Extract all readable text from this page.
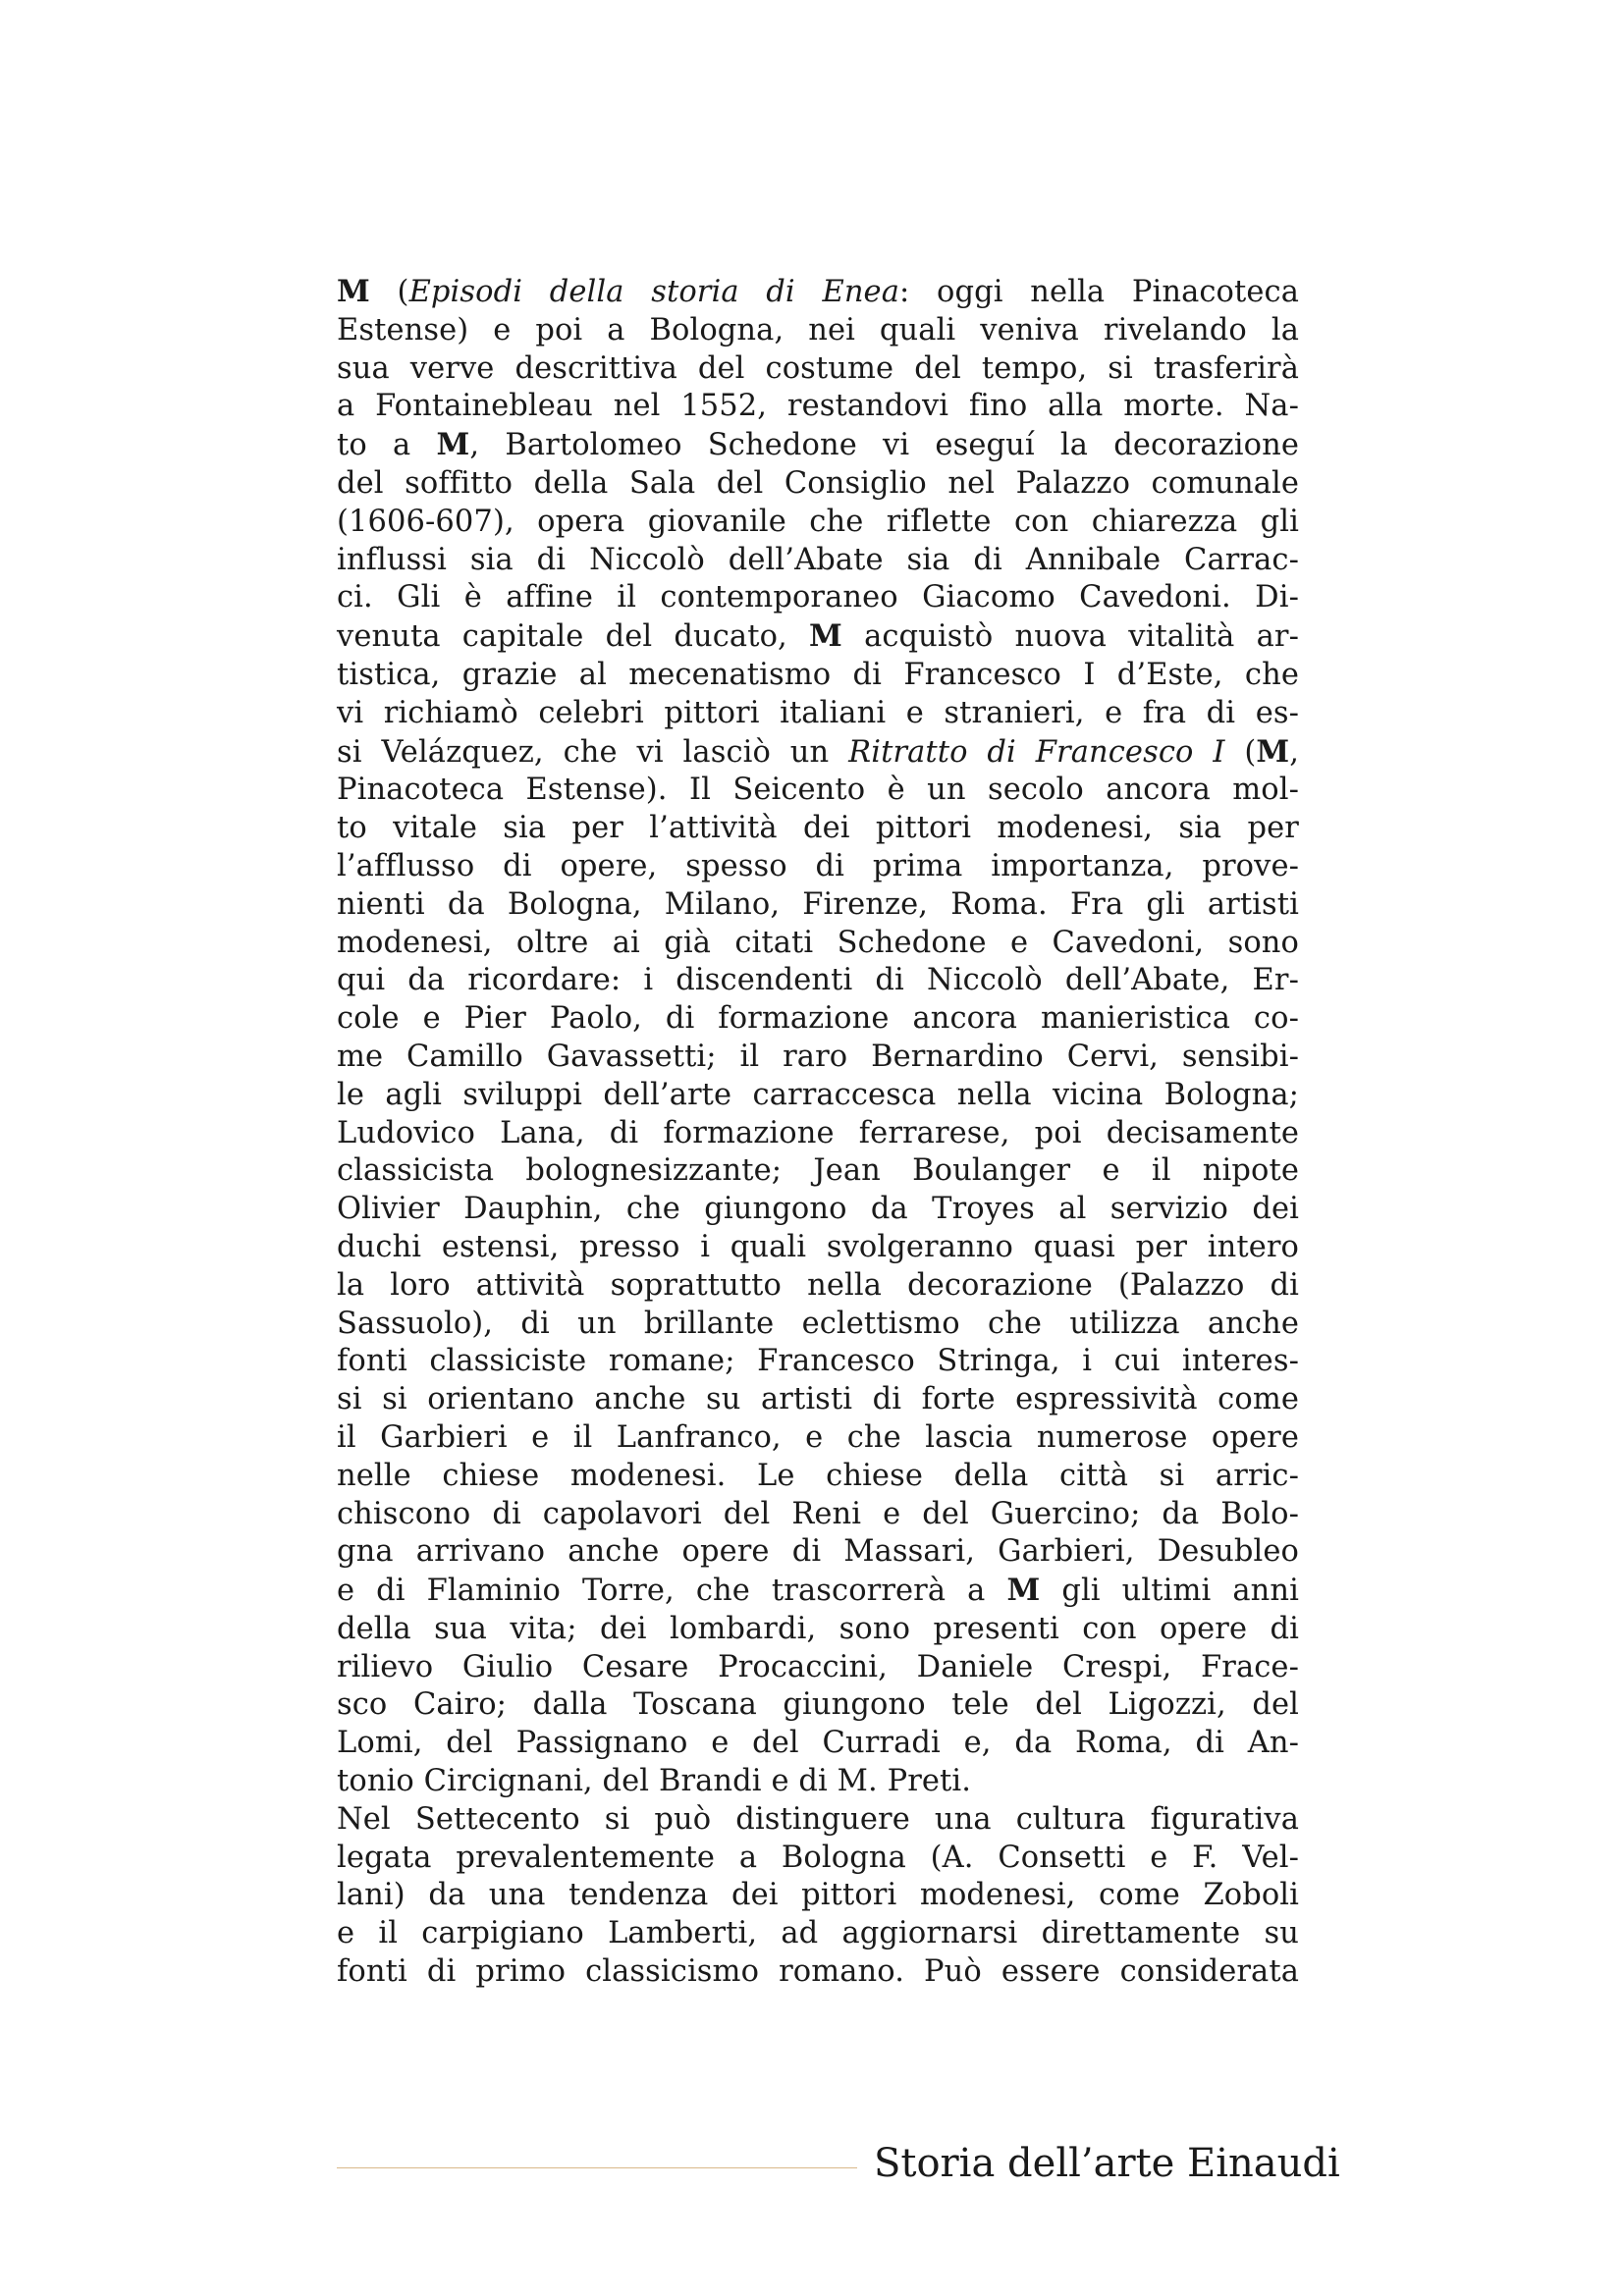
M (Episodi della storia di Enea: oggi nella Pinacoteca
Estense) e poi a Bologna, nei quali veniva rivelando la
sua verve descrittiva del costume del tempo, si trasferirà
a Fontainebleau nel 1552, restandovi fino alla morte. Na-
to a M, Bartolomeo Schedone vi eseguí la decorazione
del soffitto della Sala del Consiglio nel Palazzo comunale
(1606-607), opera giovanile che riflette con chiarezza gli
influssi sia di Niccolò dell’Abate sia di Annibale Carrac-
ci. Gli è affine il contemporaneo Giacomo Cavedoni. Di-
venuta capitale del ducato, M acquistò nuova vitalità ar-
tistica, grazie al mecenatismo di Francesco I d’Este, che
vi richiamò celebri pittori italiani e stranieri, e fra di es-
si Velázquez, che vi lasciò un Ritratto di Francesco I (M,
Pinacoteca Estense). Il Seicento è un secolo ancora mol-
to vitale sia per l’attività dei pittori modenesi, sia per
l’afflusso di opere, spesso di prima importanza, prove-
nienti da Bologna, Milano, Firenze, Roma. Fra gli artisti
modenesi, oltre ai già citati Schedone e Cavedoni, sono
qui da ricordare: i discendenti di Niccolò dell’Abate, Er-
cole e Pier Paolo, di formazione ancora manieristica co-
me Camillo Gavassetti; il raro Bernardino Cervi, sensibi-
le agli sviluppi dell’arte carraccesca nella vicina Bologna;
Ludovico Lana, di formazione ferrarese, poi decisamente
classicista bolognesizzante; Jean Boulanger e il nipote
Olivier Dauphin, che giungono da Troyes al servizio dei
duchi estensi, presso i quali svolgeranno quasi per intero
la loro attività soprattutto nella decorazione (Palazzo di
Sassuolo), di un brillante eclettismo che utilizza anche
fonti classiciste romane; Francesco Stringa, i cui interes-
si si orientano anche su artisti di forte espressività come
il Garbieri e il Lanfranco, e che lascia numerose opere
nelle chiese modenesi. Le chiese della città si arric-
chiscono di capolavori del Reni e del Guercino; da Bolo-
gna arrivano anche opere di Massari, Garbieri, Desubleo
e di Flaminio Torre, che trascorrerà a M gli ultimi anni
della sua vita; dei lombardi, sono presenti con opere di
rilievo Giulio Cesare Procaccini, Daniele Crespi, Frace-
sco Cairo; dalla Toscana giungono tele del Ligozzi, del
Lomi, del Passignano e del Curradi e, da Roma, di An-
tonio Circignani, del Brandi e di M. Preti.
Nel Settecento si può distinguere una cultura figurativa
legata prevalentemente a Bologna (A. Consetti e F. Vel-
lani) da una tendenza dei pittori modenesi, come Zoboli
e il carpigiano Lamberti, ad aggiornarsi direttamente su
fonti di primo classicismo romano. Può essere considerata
Storia dell’arte Einaudi
